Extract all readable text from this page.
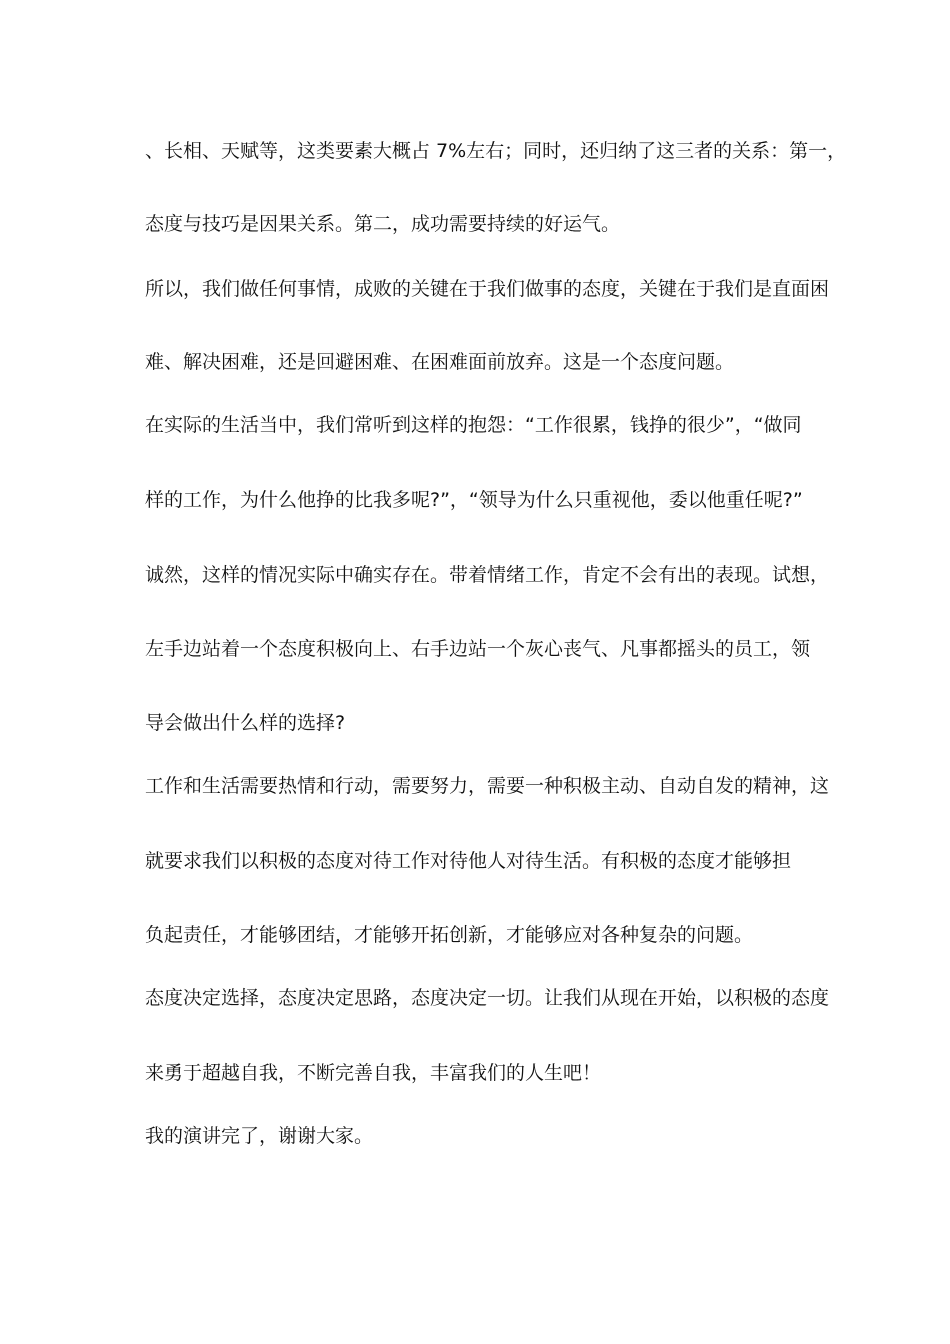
、长相、天赋等，这类要素大概占 7%左右；同时，还归纳了这三者的关系：第一，
态度与技巧是因果关系。第二，成功需要持续的好运气。
所以，我们做任何事情，成败的关键在于我们做事的态度，关键在于我们是直面困
难、解决困难，还是回避困难、在困难面前放弃。这是一个态度问题。
在实际的生活当中，我们常听到这样的抱怨：“工作很累，钱挣的很少”，“做同
样的工作，为什么他挣的比我多呢?”，“领导为什么只重视他，委以他重任呢?”
诚然，这样的情况实际中确实存在。带着情绪工作，肯定不会有出的表现。试想，
左手边站着一个态度积极向上、右手边站一个灰心丧气、凡事都摇头的员工，领
导会做出什么样的选择?
工作和生活需要热情和行动，需要努力，需要一种积极主动、自动自发的精神，这
就要求我们以积极的态度对待工作对待他人对待生活。有积极的态度才能够担
负起责任，才能够团结，才能够开拓创新，才能够应对各种复杂的问题。
态度决定选择，态度决定思路，态度决定一切。让我们从现在开始，以积极的态度
来勇于超越自我，不断完善自我，丰富我们的人生吧！
我的演讲完了，谢谢大家。
